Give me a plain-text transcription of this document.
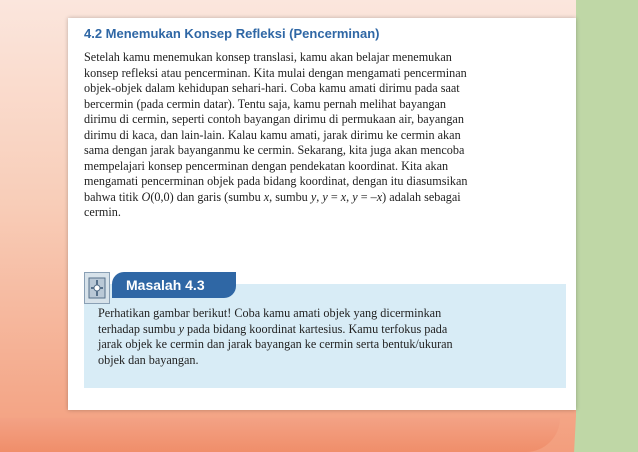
4.2 Menemukan Konsep Refleksi (Pencerminan)
Setelah kamu menemukan konsep translasi, kamu akan belajar menemukan
konsep refleksi atau pencerminan. Kita mulai dengan mengamati pencerminan
objek-objek dalam kehidupan sehari-hari. Coba kamu amati dirimu pada saat
bercermin (pada cermin datar). Tentu saja, kamu pernah melihat bayangan
dirimu di cermin, seperti contoh bayangan dirimu di permukaan air, bayangan
dirimu di kaca, dan lain-lain. Kalau kamu amati, jarak dirimu ke cermin akan
sama dengan jarak bayanganmu ke cermin. Sekarang, kita juga akan mencoba
mempelajari konsep pencerminan dengan pendekatan koordinat. Kita akan
mengamati pencerminan objek pada bidang koordinat, dengan itu diasumsikan
bahwa titik O(0,0) dan garis (sumbu x, sumbu y, y = x, y = –x) adalah sebagai
cermin.
Perhatikan gambar berikut! Coba kamu amati objek yang dicerminkan
terhadap sumbu y pada bidang koordinat kartesius. Kamu terfokus pada
jarak objek ke cermin dan jarak bayangan ke cermin serta bentuk/ukuran
objek dan bayangan.
Masalah 4.3
